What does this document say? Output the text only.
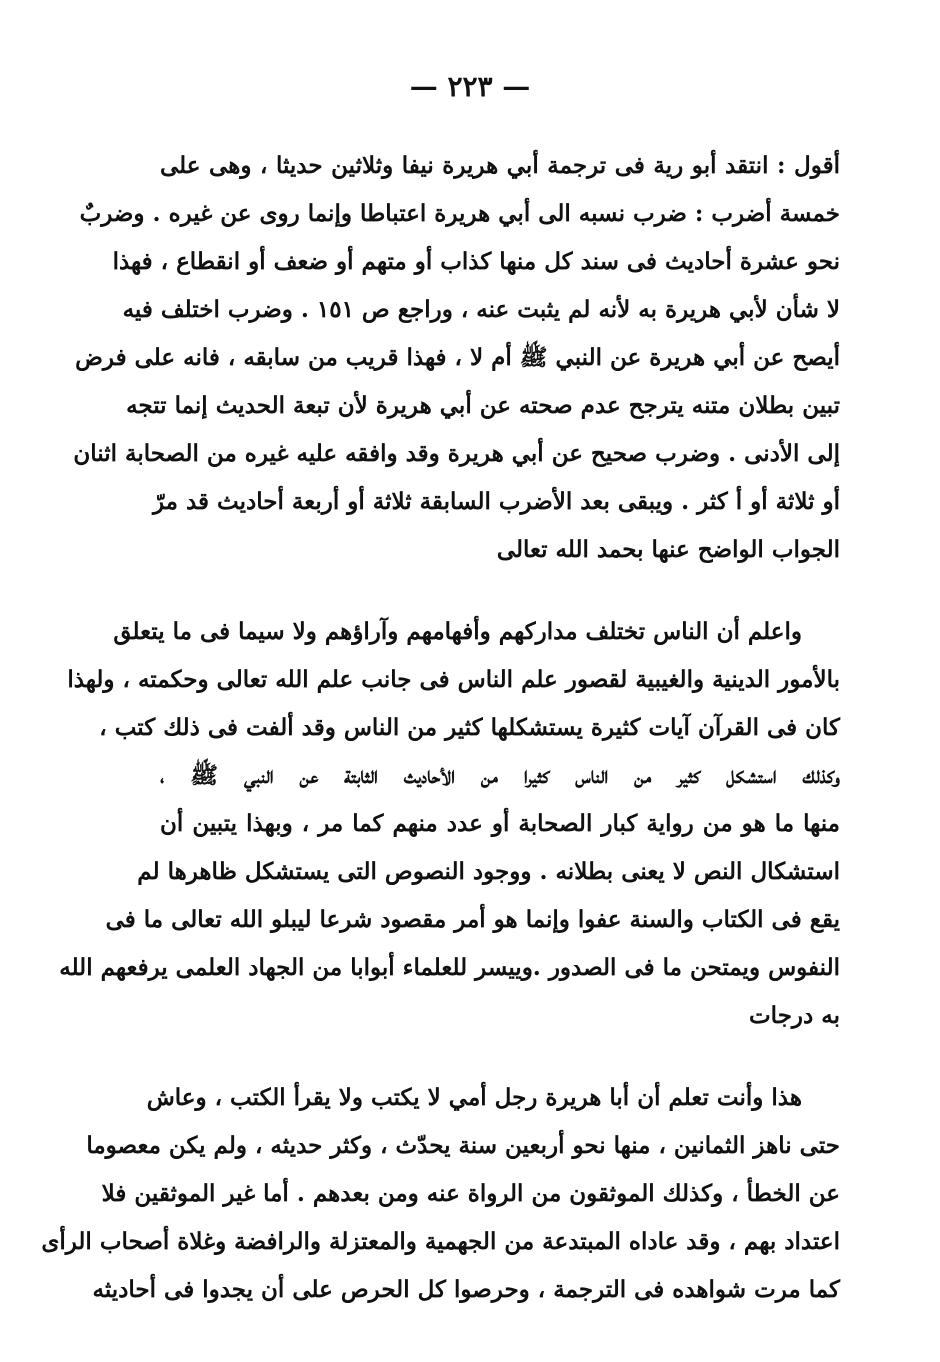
— ٢٢٣ —
أقول : انتقد أبو رية فى ترجمة أبي هريرة نيفا وثلاثين حديثا ، وهى على
خمسة أضرب : ضرب نسبه الى أبي هريرة اعتباطا وإنما روى عن غيره . وضربٌ
نحو عشرة أحاديث فى سند كل منها كذاب أو متهم أو ضعف أو انقطاع ، فهذا
لا شأن لأبي هريرة به لأنه لم يثبت عنه ، وراجع ص ١٥١ . وضرب اختلف فيه
أيصح عن أبي هريرة عن النبي ﷺ أم لا ، فهذا قريب من سابقه ، فانه على فرض
تبين بطلان متنه يترجح عدم صحته عن أبي هريرة لأن تبعة الحديث إنما تتجه
إلى الأدنى . وضرب صحيح عن أبي هريرة وقد وافقه عليه غيره من الصحابة اثنان
أو ثلاثة أو أ كثر . ويبقى بعد الأضرب السابقة ثلاثة أو أربعة أحاديث قد مرّ
الجواب الواضح عنها بحمد الله تعالى
واعلم أن الناس تختلف مداركهم وأفهامهم وآراؤهم ولا سيما فى ما يتعلق
بالأمور الدينية والغيبية لقصور علم الناس فى جانب علم الله تعالى وحكمته ، ولهذا
كان فى القرآن آيات كثيرة يستشكلها كثير من الناس وقد ألفت فى ذلك كتب ،
وكذلك استشكل كثير من الناس كثيرا من الأحاديث الثابتة عن النبي ﷺ ،
منها ما هو من رواية كبار الصحابة أو عدد منهم كما مر ، وبهذا يتبين أن
استشكال النص لا يعنى بطلانه . ووجود النصوص التى يستشكل ظاهرها لم
يقع فى الكتاب والسنة عفوا وإنما هو أمر مقصود شرعا ليبلو الله تعالى ما فى
النفوس ويمتحن ما فى الصدور .وييسر للعلماء أبوابا من الجهاد العلمى يرفعهم الله
به درجات
هذا وأنت تعلم أن أبا هريرة رجل أمي لا يكتب ولا يقرأ الكتب ، وعاش
حتى ناهز الثمانين ، منها نحو أربعين سنة يحدّث ، وكثر حديثه ، ولم يكن معصوما
عن الخطأ ، وكذلك الموثقون من الرواة عنه ومن بعدهم . أما غير الموثقين فلا
اعتداد بهم ، وقد عاداه المبتدعة من الجهمية والمعتزلة والرافضة وغلاة أصحاب الرأى
كما مرت شواهده فى الترجمة ، وحرصوا كل الحرص على أن يجدوا فى أحاديثه
